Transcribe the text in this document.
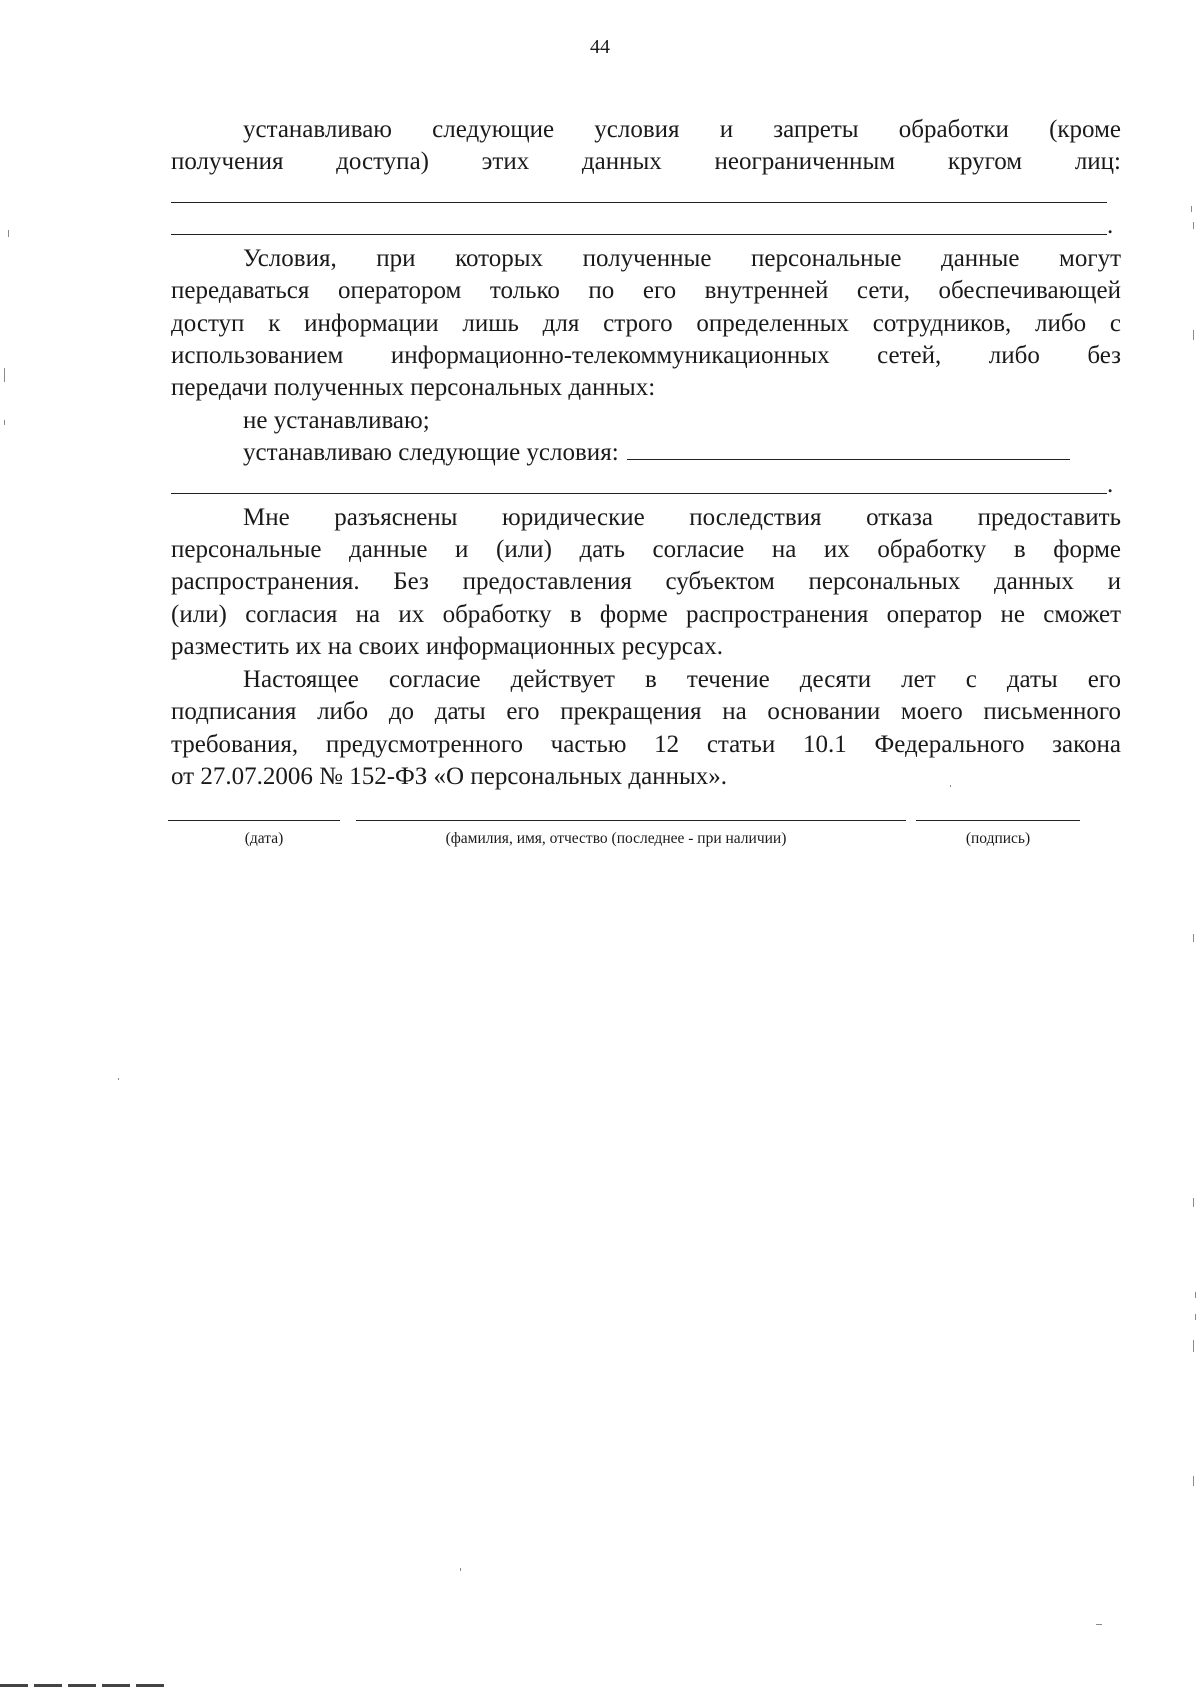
44
устанавливаю следующие условия и запреты обработки (кроме
получения доступа) этих данных неограниченным кругом лиц:
.
Условия, при которых полученные персональные данные могут
передаваться оператором только по его внутренней сети, обеспечивающей
доступ к информации лишь для строго определенных сотрудников, либо с
использованием информационно-телекоммуникационных сетей, либо без
передачи полученных персональных данных:
не устанавливаю;
устанавливаю следующие условия:
.
Мне разъяснены юридические последствия отказа предоставить
персональные данные и (или) дать согласие на их обработку в форме
распространения. Без предоставления субъектом персональных данных и
(или) согласия на их обработку в форме распространения оператор не сможет
разместить их на своих информационных ресурсах.
Настоящее согласие действует в течение десяти лет с даты его
подписания либо до даты его прекращения на основании моего письменного
требования, предусмотренного частью 12 статьи 10.1 Федерального закона
от 27.07.2006 № 152-ФЗ «О персональных данных».
(дата)	(фамилия, имя, отчество (последнее - при наличии)	(подпись)
